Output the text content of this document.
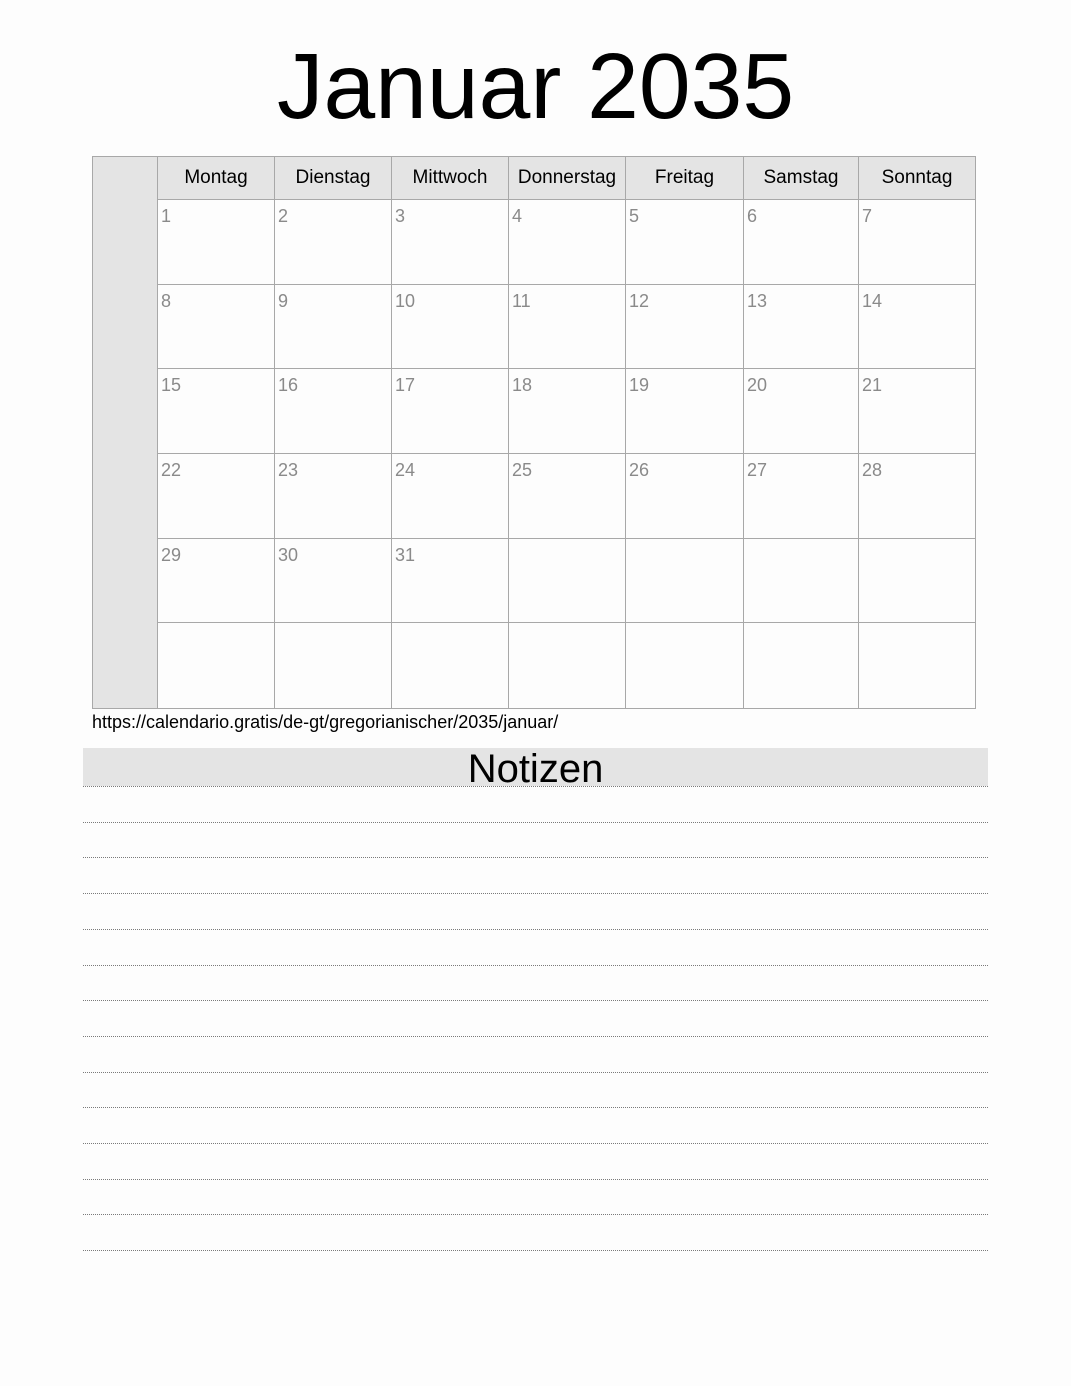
Januar 2035
Montag	Dienstag	Mittwoch	Donnerstag	Freitag	Samstag	Sonntag
1	2	3	4	5	6	7
8	9	10	11	12	13	14
15	16	17	18	19	20	21
22	23	24	25	26	27	28
29	30	31
https://calendario.gratis/de-gt/gregorianischer/2035/januar/
Notizen
